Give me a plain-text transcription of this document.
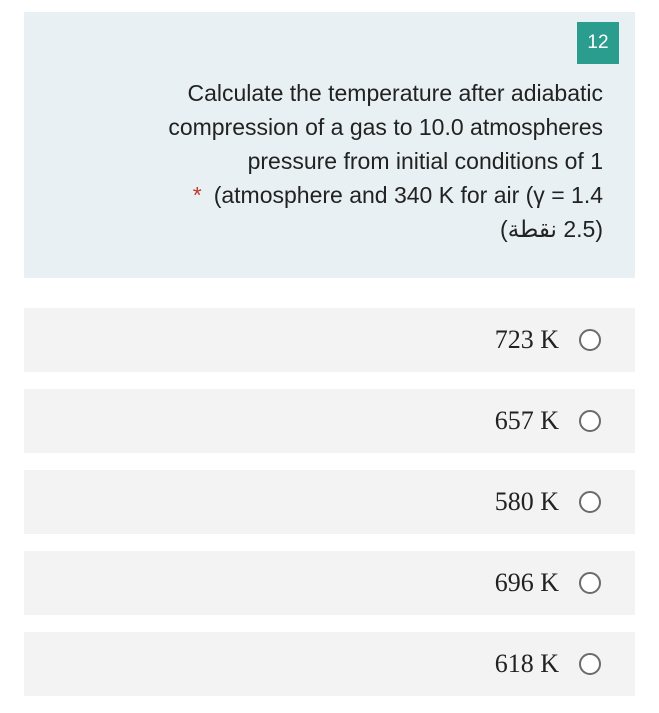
12
Calculate the temperature after adiabatic
compression of a gas to 10.0 atmospheres
pressure from initial conditions of 1
* (atmosphere and 340 K for air (γ = 1.4
(2.5 نقطة)
723 K
657 K
580 K
696 K
618 K
